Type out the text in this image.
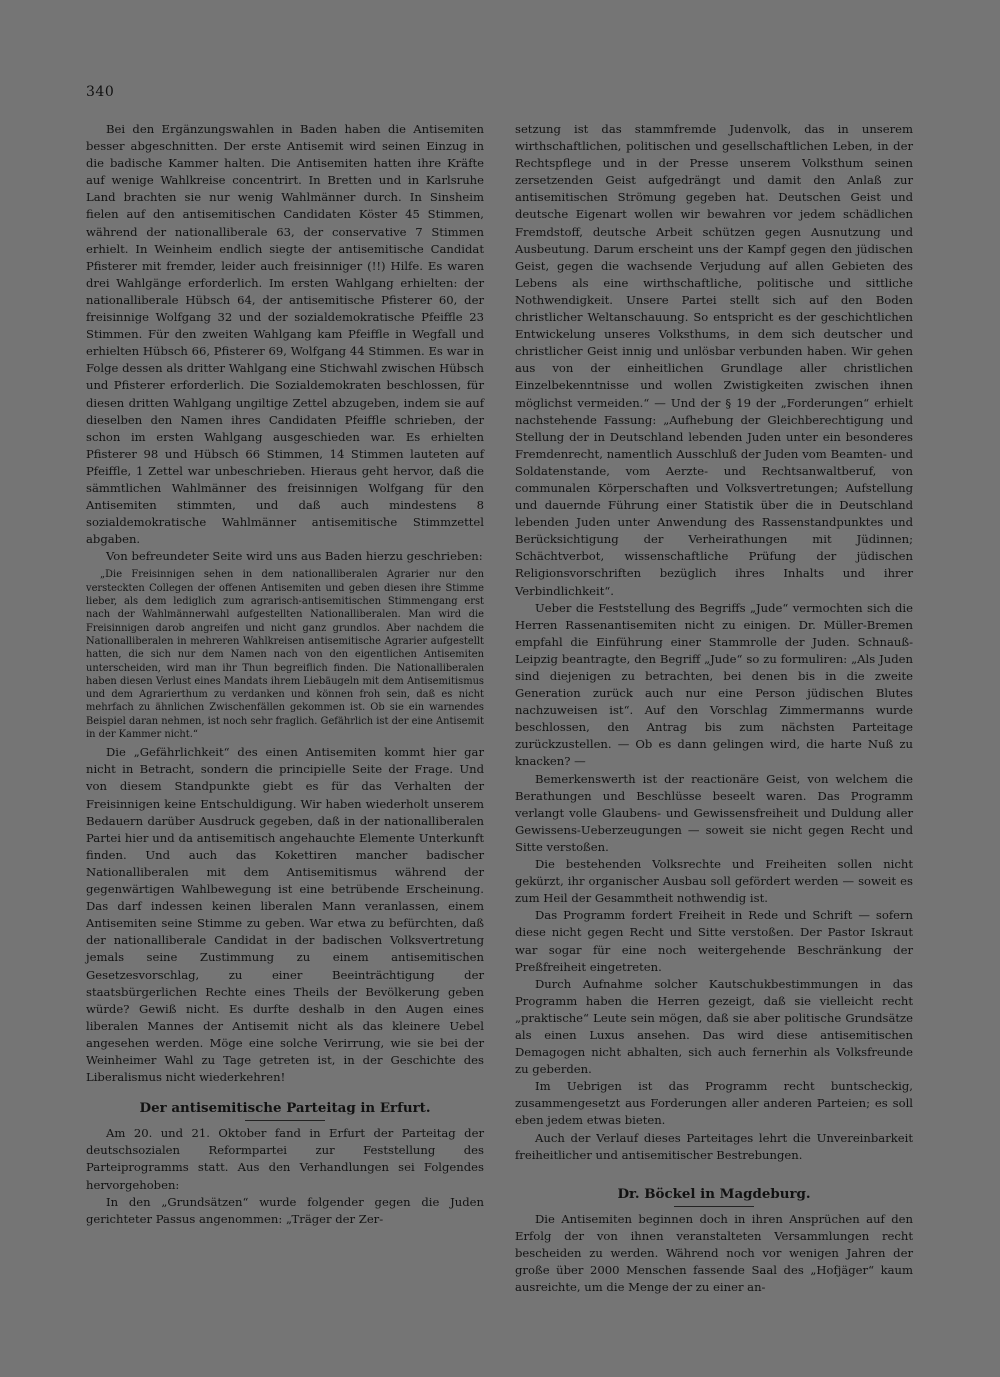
340

Bei den Ergänzungswahlen in Baden haben die Antisemiten besser abgeschnitten. Der erste Antisemit wird seinen Einzug in die badische Kammer halten. Die Antisemiten hatten ihre Kräfte auf wenige Wahlkreise concentrirt. In Bretten und in Karlsruhe Land brachten sie nur wenig Wahlmänner durch. In Sinsheim fielen auf den antisemitischen Candidaten Köster 45 Stimmen, während der nationalliberale 63, der conservative 7 Stimmen erhielt. In Weinheim endlich siegte der antisemitische Candidat Pfisterer mit fremder, leider auch freisinniger (!!) Hilfe. Es waren drei Wahlgänge erforderlich. Im ersten Wahlgang erhielten: der nationalliberale Hübsch 64, der antisemitische Pfisterer 60, der freisinnige Wolfgang 32 und der sozialdemokratische Pfeiffle 23 Stimmen. Für den zweiten Wahlgang kam Pfeiffle in Wegfall und erhielten Hübsch 66, Pfisterer 69, Wolfgang 44 Stimmen. Es war in Folge dessen als dritter Wahlgang eine Stichwahl zwischen Hübsch und Pfisterer erforderlich. Die Sozialdemokraten beschlossen, für diesen dritten Wahlgang ungiltige Zettel abzugeben, indem sie auf dieselben den Namen ihres Candidaten Pfeiffle schrieben, der schon im ersten Wahlgang ausgeschieden war. Es erhielten Pfisterer 98 und Hübsch 66 Stimmen, 14 Stimmen lauteten auf Pfeiffle, 1 Zettel war unbeschrieben. Hieraus geht hervor, daß die sämmtlichen Wahlmänner des freisinnigen Wolfgang für den Antisemiten stimmten, und daß auch mindestens 8 sozialdemokratische Wahlmänner antisemitische Stimmzettel abgaben.

Von befreundeter Seite wird uns aus Baden hierzu geschrieben:

„Die Freisinnigen sehen in dem nationalliberalen Agrarier nur den versteckten Collegen der offenen Antisemiten und geben diesen ihre Stimme lieber, als dem lediglich zum agrarisch-antisemitischen Stimmengang erst nach der Wahlmännerwahl aufgestellten Nationalliberalen. Man wird die Freisinnigen darob angreifen und nicht ganz grundlos. Aber nachdem die Nationalliberalen in mehreren Wahlkreisen antisemitische Agrarier aufgestellt hatten, die sich nur dem Namen nach von den eigentlichen Antisemiten unterscheiden, wird man ihr Thun begreiflich finden. Die Nationalliberalen haben diesen Verlust eines Mandats ihrem Liebäugeln mit dem Antisemitismus und dem Agrarierthum zu verdanken und können froh sein, daß es nicht mehrfach zu ähnlichen Zwischenfällen gekommen ist. Ob sie ein warnendes Beispiel daran nehmen, ist noch sehr fraglich. Gefährlich ist der eine Antisemit in der Kammer nicht.“

Die „Gefährlichkeit“ des einen Antisemiten kommt hier gar nicht in Betracht, sondern die principielle Seite der Frage. Und von diesem Standpunkte giebt es für das Verhalten der Freisinnigen keine Entschuldigung. Wir haben wiederholt unserem Bedauern darüber Ausdruck gegeben, daß in der nationalliberalen Partei hier und da antisemitisch angehauchte Elemente Unterkunft finden. Und auch das Kokettiren mancher badischer Nationalliberalen mit dem Antisemitismus während der gegenwärtigen Wahlbewegung ist eine betrübende Erscheinung. Das darf indessen keinen liberalen Mann veranlassen, einem Antisemiten seine Stimme zu geben. War etwa zu befürchten, daß der nationalliberale Candidat in der badischen Volksvertretung jemals seine Zustimmung zu einem antisemitischen Gesetzesvorschlag, zu einer Beeinträchtigung der staatsbürgerlichen Rechte eines Theils der Bevölkerung geben würde? Gewiß nicht. Es durfte deshalb in den Augen eines liberalen Mannes der Antisemit nicht als das kleinere Uebel angesehen werden. Möge eine solche Verirrung, wie sie bei der Weinheimer Wahl zu Tage getreten ist, in der Geschichte des Liberalismus nicht wiederkehren!

Der antisemitische Parteitag in Erfurt.

Am 20. und 21. Oktober fand in Erfurt der Parteitag der deutschsozialen Reformpartei zur Feststellung des Parteiprogramms statt. Aus den Verhandlungen sei Folgendes hervorgehoben:

In den „Grundsätzen“ wurde folgender gegen die Juden gerichteter Passus angenommen: „Träger der Zer-

setzung ist das stammfremde Judenvolk, das in unserem wirthschaftlichen, politischen und gesellschaftlichen Leben, in der Rechtspflege und in der Presse unserem Volksthum seinen zersetzenden Geist aufgedrängt und damit den Anlaß zur antisemitischen Strömung gegeben hat. Deutschen Geist und deutsche Eigenart wollen wir bewahren vor jedem schädlichen Fremdstoff, deutsche Arbeit schützen gegen Ausnutzung und Ausbeutung. Darum erscheint uns der Kampf gegen den jüdischen Geist, gegen die wachsende Verjudung auf allen Gebieten des Lebens als eine wirthschaftliche, politische und sittliche Nothwendigkeit. Unsere Partei stellt sich auf den Boden christlicher Weltanschauung. So entspricht es der geschichtlichen Entwickelung unseres Volksthums, in dem sich deutscher und christlicher Geist innig und unlösbar verbunden haben. Wir gehen aus von der einheitlichen Grundlage aller christlichen Einzelbekenntnisse und wollen Zwistigkeiten zwischen ihnen möglichst vermeiden.“ — Und der § 19 der „Forderungen“ erhielt nachstehende Fassung: „Aufhebung der Gleichberechtigung und Stellung der in Deutschland lebenden Juden unter ein besonderes Fremdenrecht, namentlich Ausschluß der Juden vom Beamten- und Soldatenstande, vom Aerzte- und Rechtsanwaltberuf, von communalen Körperschaften und Volksvertretungen; Aufstellung und dauernde Führung einer Statistik über die in Deutschland lebenden Juden unter Anwendung des Rassenstandpunktes und Berücksichtigung der Verheirathungen mit Jüdinnen; Schächtverbot, wissenschaftliche Prüfung der jüdischen Religionsvorschriften bezüglich ihres Inhalts und ihrer Verbindlichkeit“.

Ueber die Feststellung des Begriffs „Jude“ vermochten sich die Herren Rassenantisemiten nicht zu einigen. Dr. Müller-Bremen empfahl die Einführung einer Stammrolle der Juden. Schnauß-Leipzig beantragte, den Begriff „Jude“ so zu formuliren: „Als Juden sind diejenigen zu betrachten, bei denen bis in die zweite Generation zurück auch nur eine Person jüdischen Blutes nachzuweisen ist“. Auf den Vorschlag Zimmermanns wurde beschlossen, den Antrag bis zum nächsten Parteitage zurückzustellen. — Ob es dann gelingen wird, die harte Nuß zu knacken? —

Bemerkenswerth ist der reactionäre Geist, von welchem die Berathungen und Beschlüsse beseelt waren. Das Programm verlangt volle Glaubens- und Gewissensfreiheit und Duldung aller Gewissens-Ueberzeugungen — soweit sie nicht gegen Recht und Sitte verstoßen.

Die bestehenden Volksrechte und Freiheiten sollen nicht gekürzt, ihr organischer Ausbau soll gefördert werden — soweit es zum Heil der Gesammtheit nothwendig ist.

Das Programm fordert Freiheit in Rede und Schrift — sofern diese nicht gegen Recht und Sitte verstoßen. Der Pastor Iskraut war sogar für eine noch weitergehende Beschränkung der Preßfreiheit eingetreten.

Durch Aufnahme solcher Kautschukbestimmungen in das Programm haben die Herren gezeigt, daß sie vielleicht recht „praktische“ Leute sein mögen, daß sie aber politische Grundsätze als einen Luxus ansehen. Das wird diese antisemitischen Demagogen nicht abhalten, sich auch fernerhin als Volksfreunde zu geberden.

Im Uebrigen ist das Programm recht buntscheckig, zusammengesetzt aus Forderungen aller anderen Parteien; es soll eben jedem etwas bieten.

Auch der Verlauf dieses Parteitages lehrt die Unvereinbarkeit freiheitlicher und antisemitischer Bestrebungen.

Dr. Böckel in Magdeburg.

Die Antisemiten beginnen doch in ihren Ansprüchen auf den Erfolg der von ihnen veranstalteten Versammlungen recht bescheiden zu werden. Während noch vor wenigen Jahren der große über 2000 Menschen fassende Saal des „Hofjäger“ kaum ausreichte, um die Menge der zu einer an-
